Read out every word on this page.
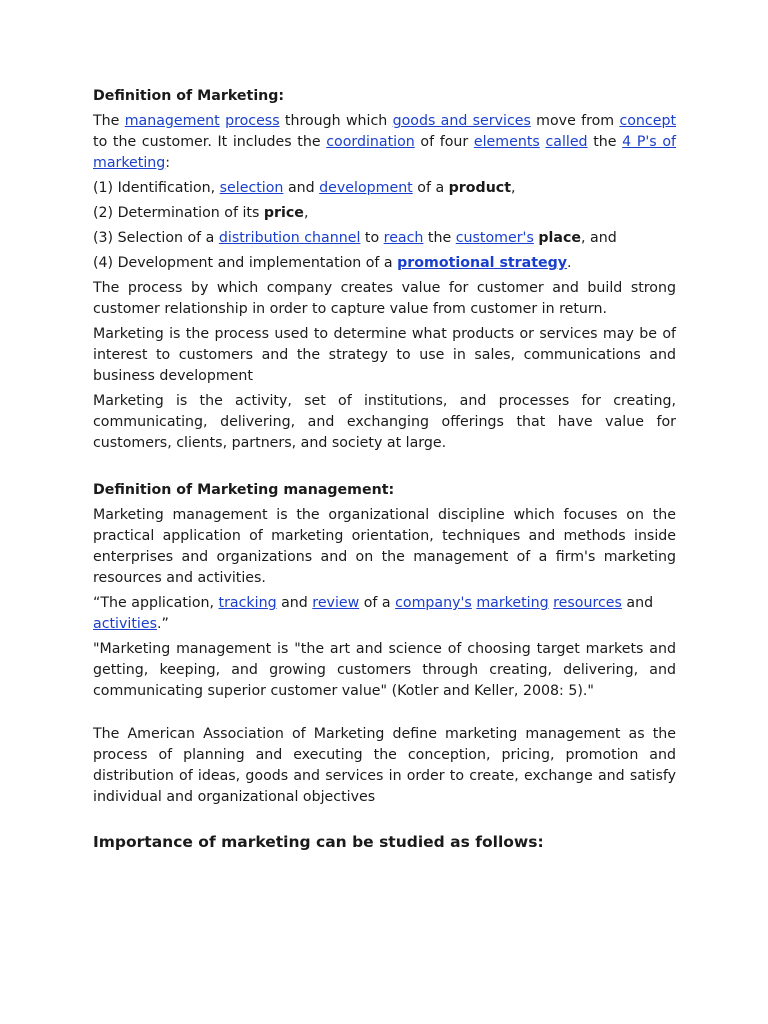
Definition of Marketing:

The management process through which goods and services move from concept to the customer. It includes the coordination of four elements called the 4 P's of marketing:

(1) Identification, selection and development of a product,

(2) Determination of its price,

(3) Selection of a distribution channel to reach the customer's place, and

(4) Development and implementation of a promotional strategy.

The process by which company creates value for customer and build strong customer relationship in order to capture value from customer in return.

Marketing is the process used to determine what products or services may be of interest to customers and the strategy to use in sales, communications and business development

Marketing is the activity, set of institutions, and processes for creating, communicating, delivering, and exchanging offerings that have value for customers, clients, partners, and society at large.

Definition of Marketing management:

Marketing management is the organizational discipline which focuses on the practical application of marketing orientation, techniques and methods inside enterprises and organizations and on the management of a firm's marketing resources and activities.

“The application, tracking and review of a company's marketing resources and activities.”

"Marketing management is "the art and science of choosing target markets and getting, keeping, and growing customers through creating, delivering, and communicating superior customer value" (Kotler and Keller, 2008: 5)."

The American Association of Marketing define marketing management as the process of planning and executing the conception, pricing, promotion and distribution of ideas, goods and services in order to create, exchange and satisfy individual and organizational objectives

Importance of marketing can be studied as follows:
